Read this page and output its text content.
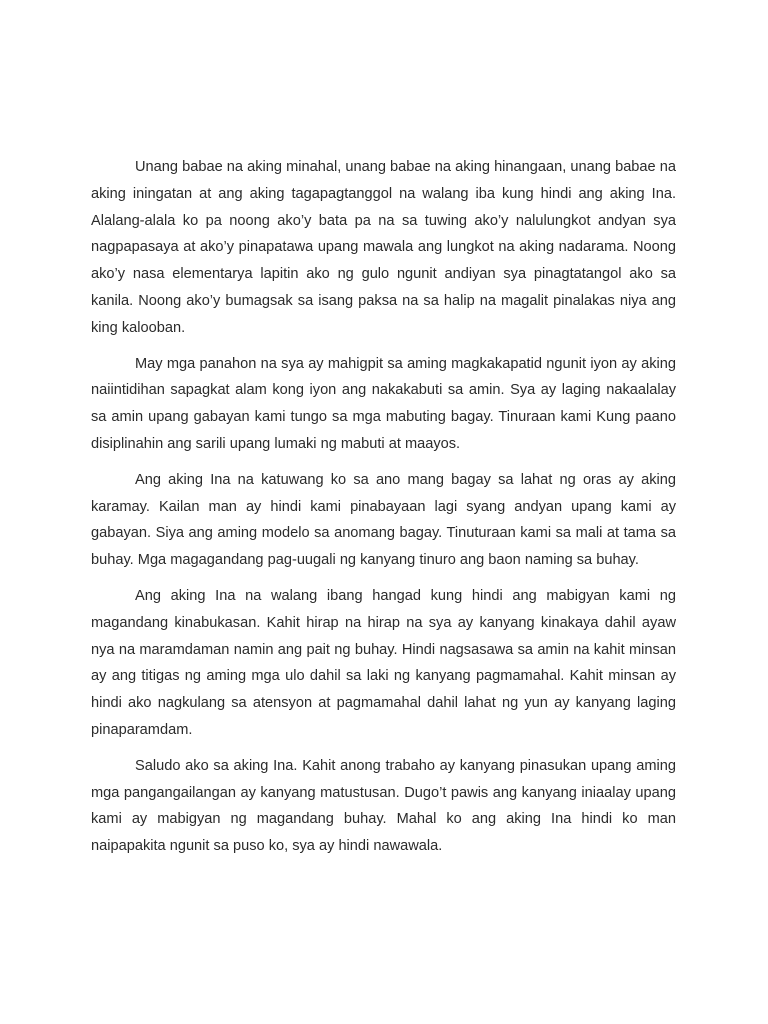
Unang babae na aking minahal, unang babae na aking hinangaan, unang babae na aking iningatan at ang aking tagapagtanggol na walang iba kung hindi ang aking Ina. Alalang-alala ko pa noong ako’y bata pa na sa tuwing ako’y nalulungkot andyan sya nagpapasaya at ako’y pinapatawa upang mawala ang lungkot na aking nadarama. Noong ako’y nasa elementarya lapitin ako ng gulo ngunit andiyan sya pinagtatangol ako sa kanila. Noong ako’y bumagsak sa isang paksa na sa halip na magalit pinalakas niya ang king kalooban.

May mga panahon na sya ay mahigpit sa aming magkakapatid ngunit iyon ay aking naiintidihan sapagkat alam kong iyon ang nakakabuti sa amin. Sya ay laging nakaalalay sa amin upang gabayan kami tungo sa mga mabuting bagay. Tinuraan kami Kung paano disiplinahin ang sarili upang lumaki ng mabuti at maayos.

Ang aking Ina na katuwang ko sa ano mang bagay sa lahat ng oras ay aking karamay. Kailan man ay hindi kami pinabayaan lagi syang andyan upang kami ay gabayan. Siya ang aming modelo sa anomang bagay. Tinuturaan kami sa mali at tama sa buhay. Mga magagandang pag-uugali ng kanyang tinuro ang baon naming sa buhay.

Ang aking Ina na walang ibang hangad kung hindi ang mabigyan kami ng magandang kinabukasan. Kahit hirap na hirap na sya ay kanyang kinakaya dahil ayaw nya na maramdaman namin ang pait ng buhay. Hindi nagsasawa sa amin na kahit minsan ay ang titigas ng aming mga ulo dahil sa laki ng kanyang pagmamahal. Kahit minsan ay hindi ako nagkulang sa atensyon at pagmamahal dahil lahat ng yun ay kanyang laging pinaparamdam.

Saludo ako sa aking Ina. Kahit anong trabaho ay kanyang pinasukan upang aming mga pangangailangan ay kanyang matustusan. Dugo’t pawis ang kanyang iniaalay upang kami ay mabigyan ng magandang buhay. Mahal ko ang aking Ina hindi ko man naipapakita ngunit sa puso ko, sya ay hindi nawawala.
